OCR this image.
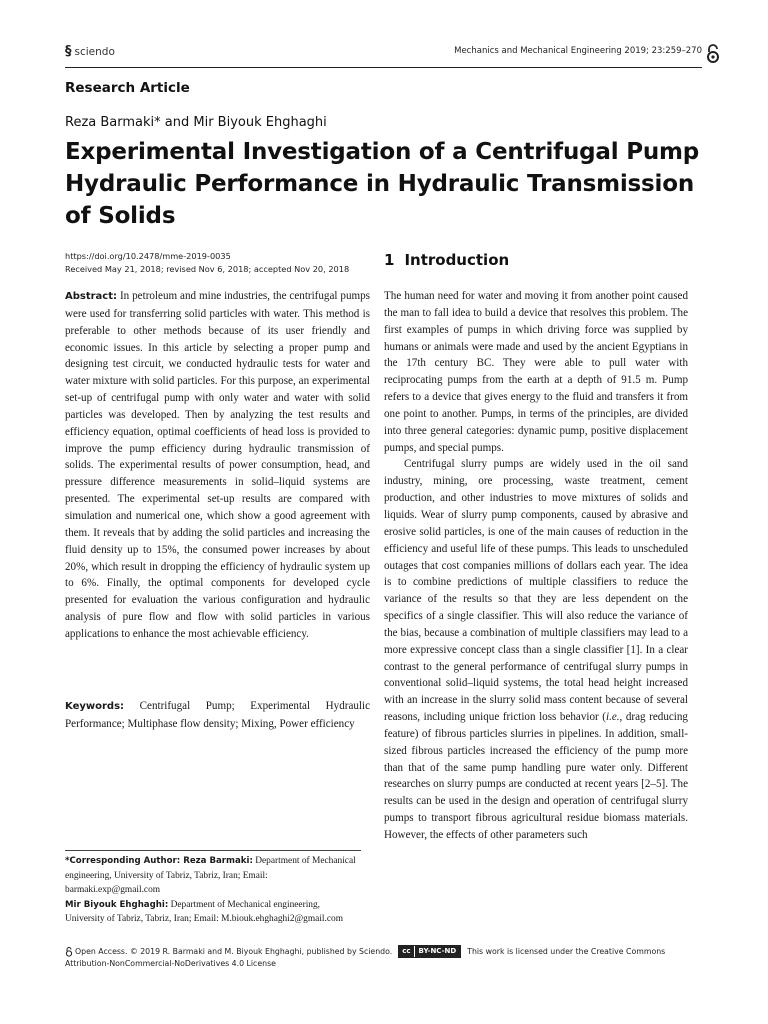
§ sciendo	Mechanics and Mechanical Engineering 2019; 23:259–270
Research Article
Reza Barmaki* and Mir Biyouk Ehghaghi
Experimental Investigation of a Centrifugal Pump Hydraulic Performance in Hydraulic Transmission of Solids
https://doi.org/10.2478/mme-2019-0035
Received May 21, 2018; revised Nov 6, 2018; accepted Nov 20, 2018
Abstract: In petroleum and mine industries, the centrifugal pumps were used for transferring solid particles with water. This method is preferable to other methods because of its user friendly and economic issues. In this article by selecting a proper pump and designing test circuit, we conducted hydraulic tests for water and water mixture with solid particles. For this purpose, an experimental set-up of centrifugal pump with only water and water with solid particles was developed. Then by analyzing the test results and efficiency equation, optimal coefficients of head loss is provided to improve the pump efficiency during hydraulic transmission of solids. The experimental results of power consumption, head, and pressure difference measurements in solid–liquid systems are presented. The experimental set-up results are compared with simulation and numerical one, which show a good agreement with them. It reveals that by adding the solid particles and increasing the fluid density up to 15%, the consumed power increases by about 20%, which result in dropping the efficiency of hydraulic system up to 6%. Finally, the optimal components for developed cycle presented for evaluation the various configuration and hydraulic analysis of pure flow and flow with solid particles in various applications to enhance the most achievable efficiency.
Keywords: Centrifugal Pump; Experimental Hydraulic Performance; Multiphase flow density; Mixing, Power efficiency
*Corresponding Author: Reza Barmaki: Department of Mechanical engineering, University of Tabriz, Tabriz, Iran; Email: barmaki.exp@gmail.com
Mir Biyouk Ehghaghi: Department of Mechanical engineering, University of Tabriz, Tabriz, Iran; Email: M.biouk.ehghaghi2@gmail.com
1 Introduction

The human need for water and moving it from another point caused the man to fall idea to build a device that resolves this problem. The first examples of pumps in which driving force was supplied by humans or animals were made and used by the ancient Egyptians in the 17th century BC. They were able to pull water with reciprocating pumps from the earth at a depth of 91.5 m. Pump refers to a device that gives energy to the fluid and transfers it from one point to another. Pumps, in terms of the principles, are divided into three general categories: dynamic pump, positive displacement pumps, and special pumps.

Centrifugal slurry pumps are widely used in the oil sand industry, mining, ore processing, waste treatment, cement production, and other industries to move mixtures of solids and liquids. Wear of slurry pump components, caused by abrasive and erosive solid particles, is one of the main causes of reduction in the efficiency and useful life of these pumps. This leads to unscheduled outages that cost companies millions of dollars each year. The idea is to combine predictions of multiple classifiers to reduce the variance of the results so that they are less dependent on the specifics of a single classifier. This will also reduce the variance of the bias, because a combination of multiple classifiers may lead to a more expressive concept class than a single classifier [1]. In a clear contrast to the general performance of centrifugal slurry pumps in conventional solid–liquid systems, the total head height increased with an increase in the slurry solid mass content because of several reasons, including unique friction loss behavior (i.e., drag reducing feature) of fibrous particles slurries in pipelines. In addition, small-sized fibrous particles increased the efficiency of the pump more than that of the same pump handling pure water only. Different researches on slurry pumps are conducted at recent years [2–5]. The results can be used in the design and operation of centrifugal slurry pumps to transport fibrous agricultural residue biomass materials. However, the effects of other parameters such

Open Access. © 2019 R. Barmaki and M. Biyouk Ehghaghi, published by Sciendo.	cc	BY-NC-ND	This work is licensed under the Creative Commons
Attribution-NonCommercial-NoDerivatives 4.0 License
